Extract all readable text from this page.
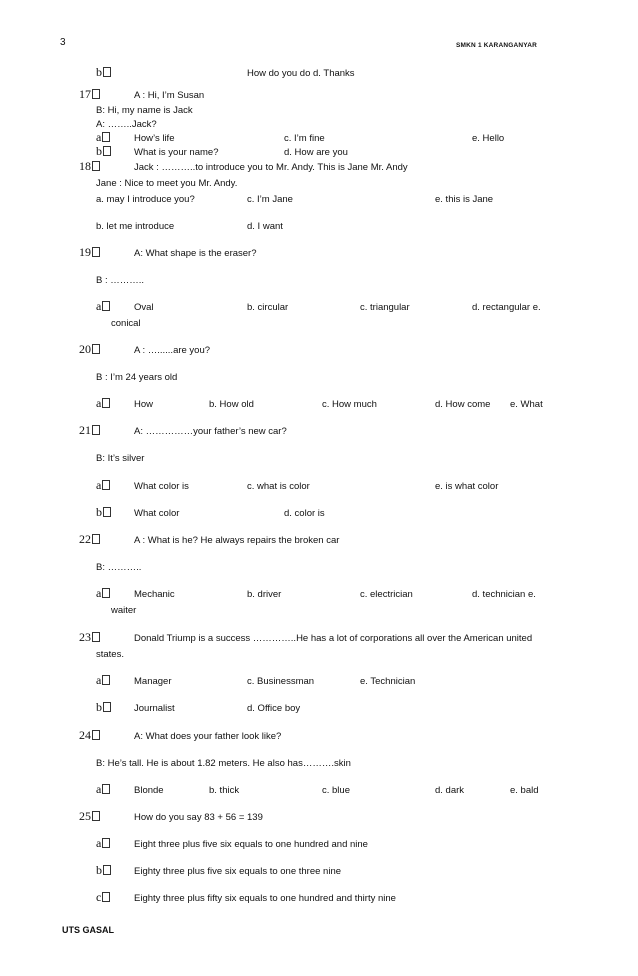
3	SMKN 1 KARANGANYAR
b	How do you do d. Thanks
17	A : Hi, I’m Susan
B: Hi, my name is Jack
A: ……..Jack?
a	How’s life	c. I’m fine	e. Hello
b	What is your name?	d. How are you
18	Jack : ………..to introduce you to Mr. Andy. This is Jane Mr. Andy
Jane : Nice to meet you Mr. Andy.
a. may I introduce you?	c. I’m Jane	e. this is Jane
b. let me introduce	d. I want
19	A: What shape is the eraser?
B : ………..
a	Oval	b. circular	c. triangular	d. rectangular e.
conical
20	A : …......are you?
B : I’m 24 years old
a	How	b. How old	c. How much	d. How come e. What
21	A: ……………your father’s new car?
B: It’s silver
a	What color is	c. what is color	e. is what color
b	What color	d. color is
22	A : What is he? He always repairs the broken car
B: ………..
a	Mechanic	b. driver	c. electrician	d. technician e.
waiter
23	Donald Triump is a success …………..He has a lot of corporations all over the American united
states.
a	Manager	c. Businessman	e. Technician
b	Journalist	d. Office boy
24	A: What does your father look like?
B: He’s tall. He is about 1.82 meters. He also has……….skin
a	Blonde	b. thick	c. blue	d. dark	e. bald
25	How do you say 83 + 56 = 139
a	Eight three plus five six equals to one hundred and nine
b	Eighty three plus five six equals to one three nine
c	Eighty three plus fifty six equals to one hundred and thirty nine
UTS GASAL
